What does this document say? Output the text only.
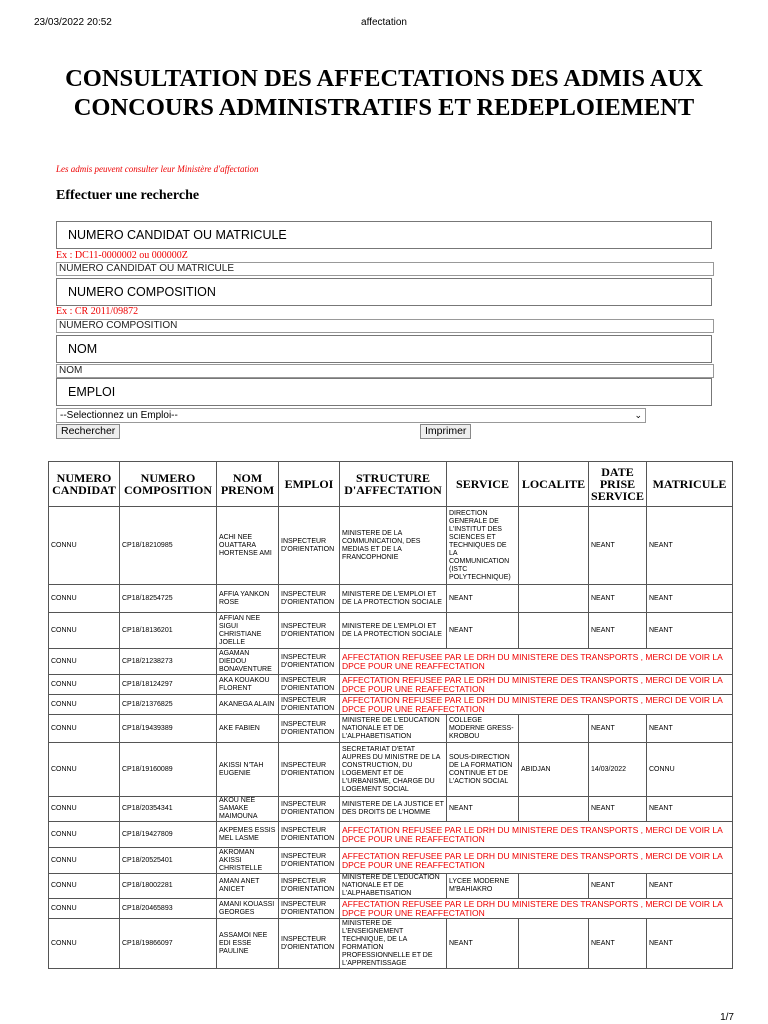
23/03/2022 20:52	affectation
1/7
CONSULTATION DES AFFECTATIONS DES ADMIS AUX CONCOURS ADMINISTRATIFS ET REDEPLOIEMENT
Les admis peuvent consulter leur Ministère d'affectation
Effectuer une recherche
NUMERO CANDIDAT OU MATRICULE
Ex : DC11-0000002 ou 000000Z
NUMERO CANDIDAT OU MATRICULE
NUMERO COMPOSITION
Ex : CR 2011/09872
NUMERO COMPOSITION
NOM
NOM
EMPLOI
--Selectionnez un Emploi--	⌄
Rechercher	Imprimer
NUMERO CANDIDAT	NUMERO COMPOSITION	NOM PRENOM	EMPLOI	STRUCTURE D'AFFECTATION	SERVICE	LOCALITE	DATE PRISE SERVICE	MATRICULE
CONNU	CP18/18210985	ACHI NEE OUATTARA HORTENSE AMI	INSPECTEUR D'ORIENTATION	MINISTERE DE LA COMMUNICATION, DES MEDIAS ET DE LA FRANCOPHONIE	DIRECTION GENERALE DE L'INSTITUT DES SCIENCES ET TECHNIQUES DE LA COMMUNICATION (ISTC POLYTECHNIQUE)		NEANT	NEANT
CONNU	CP18/18254725	AFFIA YANKON ROSE	INSPECTEUR D'ORIENTATION	MINISTERE DE L'EMPLOI ET DE LA PROTECTION SOCIALE	NEANT		NEANT	NEANT
CONNU	CP18/18136201	AFFIAN NEE SIGUI CHRISTIANE JOELLE	INSPECTEUR D'ORIENTATION	MINISTERE DE L'EMPLOI ET DE LA PROTECTION SOCIALE	NEANT		NEANT	NEANT
CONNU	CP18/21238273	AGAMAN DIEDOU BONAVENTURE	INSPECTEUR D'ORIENTATION	AFFECTATION REFUSEE PAR LE DRH DU MINISTERE DES TRANSPORTS , MERCI DE VOIR LA DPCE POUR UNE REAFFECTATION				
CONNU	CP18/18124297	AKA KOUAKOU FLORENT	INSPECTEUR D'ORIENTATION	AFFECTATION REFUSEE PAR LE DRH DU MINISTERE DES TRANSPORTS , MERCI DE VOIR LA DPCE POUR UNE REAFFECTATION				
CONNU	CP18/21376825	AKANEGA ALAIN	INSPECTEUR D'ORIENTATION	AFFECTATION REFUSEE PAR LE DRH DU MINISTERE DES TRANSPORTS , MERCI DE VOIR LA DPCE POUR UNE REAFFECTATION				
CONNU	CP18/19439389	AKE FABIEN	INSPECTEUR D'ORIENTATION	MINISTERE DE L'EDUCATION NATIONALE ET DE L'ALPHABETISATION	COLLEGE MODERNE GRESS-KROBOU		NEANT	NEANT
CONNU	CP18/19160089	AKISSI N'TAH EUGENIE	INSPECTEUR D'ORIENTATION	SECRETARIAT D'ETAT AUPRES DU MINISTRE DE LA CONSTRUCTION, DU LOGEMENT ET DE L'URBANISME, CHARGE DU LOGEMENT SOCIAL	SOUS-DIRECTION DE LA FORMATION CONTINUE ET DE L'ACTION SOCIAL	ABIDJAN	14/03/2022	CONNU
CONNU	CP18/20354341	AKOU NEE SAMAKE MAIMOUNA	INSPECTEUR D'ORIENTATION	MINISTERE DE LA JUSTICE ET DES DROITS DE L'HOMME	NEANT		NEANT	NEANT
CONNU	CP18/19427809	AKPEMES ESSIS MEL LASME	INSPECTEUR D'ORIENTATION	AFFECTATION REFUSEE PAR LE DRH DU MINISTERE DES TRANSPORTS , MERCI DE VOIR LA DPCE POUR UNE REAFFECTATION				
CONNU	CP18/20525401	AKROMAN AKISSI CHRISTELLE	INSPECTEUR D'ORIENTATION	AFFECTATION REFUSEE PAR LE DRH DU MINISTERE DES TRANSPORTS , MERCI DE VOIR LA DPCE POUR UNE REAFFECTATION				
CONNU	CP18/18002281	AMAN ANET ANICET	INSPECTEUR D'ORIENTATION	MINISTERE DE L'EDUCATION NATIONALE ET DE L'ALPHABETISATION	LYCEE MODERNE M'BAHIAKRO		NEANT	NEANT
CONNU	CP18/20465893	AMANI KOUASSI GEORGES	INSPECTEUR D'ORIENTATION	AFFECTATION REFUSEE PAR LE DRH DU MINISTERE DES TRANSPORTS , MERCI DE VOIR LA DPCE POUR UNE REAFFECTATION				
CONNU	CP18/19866097	ASSAMOI NEE EDI ESSE PAULINE	INSPECTEUR D'ORIENTATION	MINISTERE DE L'ENSEIGNEMENT TECHNIQUE, DE LA FORMATION PROFESSIONNELLE ET DE L'APPRENTISSAGE	NEANT		NEANT	NEANT
